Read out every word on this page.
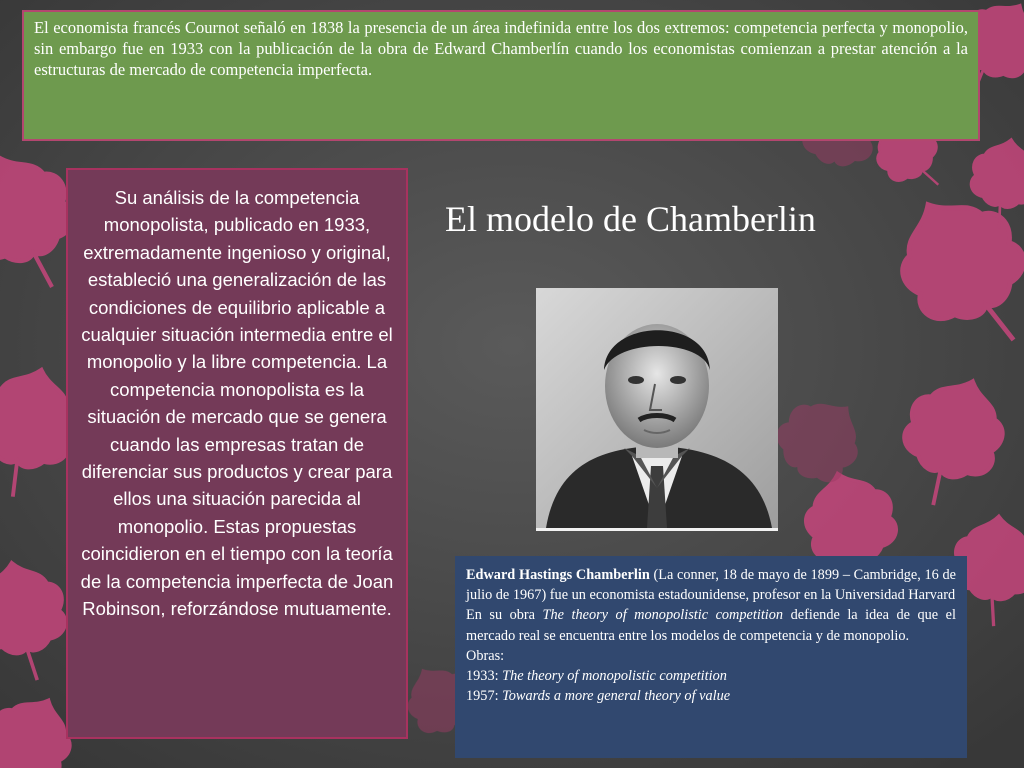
El economista francés Cournot señaló en 1838 la presencia de un área indefinida entre los dos extremos: competencia perfecta y monopolio, sin embargo fue en 1933 con la publicación de la obra de Edward Chamberlín cuando los economistas comienzan a prestar atención a la estructuras de mercado de competencia imperfecta.
Su análisis de la competencia monopolista, publicado en 1933, extremadamente ingenioso y original, estableció una generalización de las condiciones de equilibrio aplicable a cualquier situación intermedia entre el monopolio y la libre competencia. La competencia monopolista es la situación de mercado que se genera cuando las empresas tratan de diferenciar sus productos y crear para ellos una situación parecida al monopolio. Estas propuestas coincidieron en el tiempo con la teoría de la competencia imperfecta de Joan Robinson, reforzándose mutuamente.
El modelo de Chamberlin

Edward Hastings Chamberlin (La conner, 18 de mayo de 1899 – Cambridge, 16 de julio de 1967) fue un economista estadounidense, profesor en la Universidad Harvard

En su obra The theory of monopolistic competition defiende la idea de que el mercado real se encuentra entre los modelos de competencia y de monopolio.

Obras:

1933: The theory of monopolistic competition

1957: Towards a more general theory of value
